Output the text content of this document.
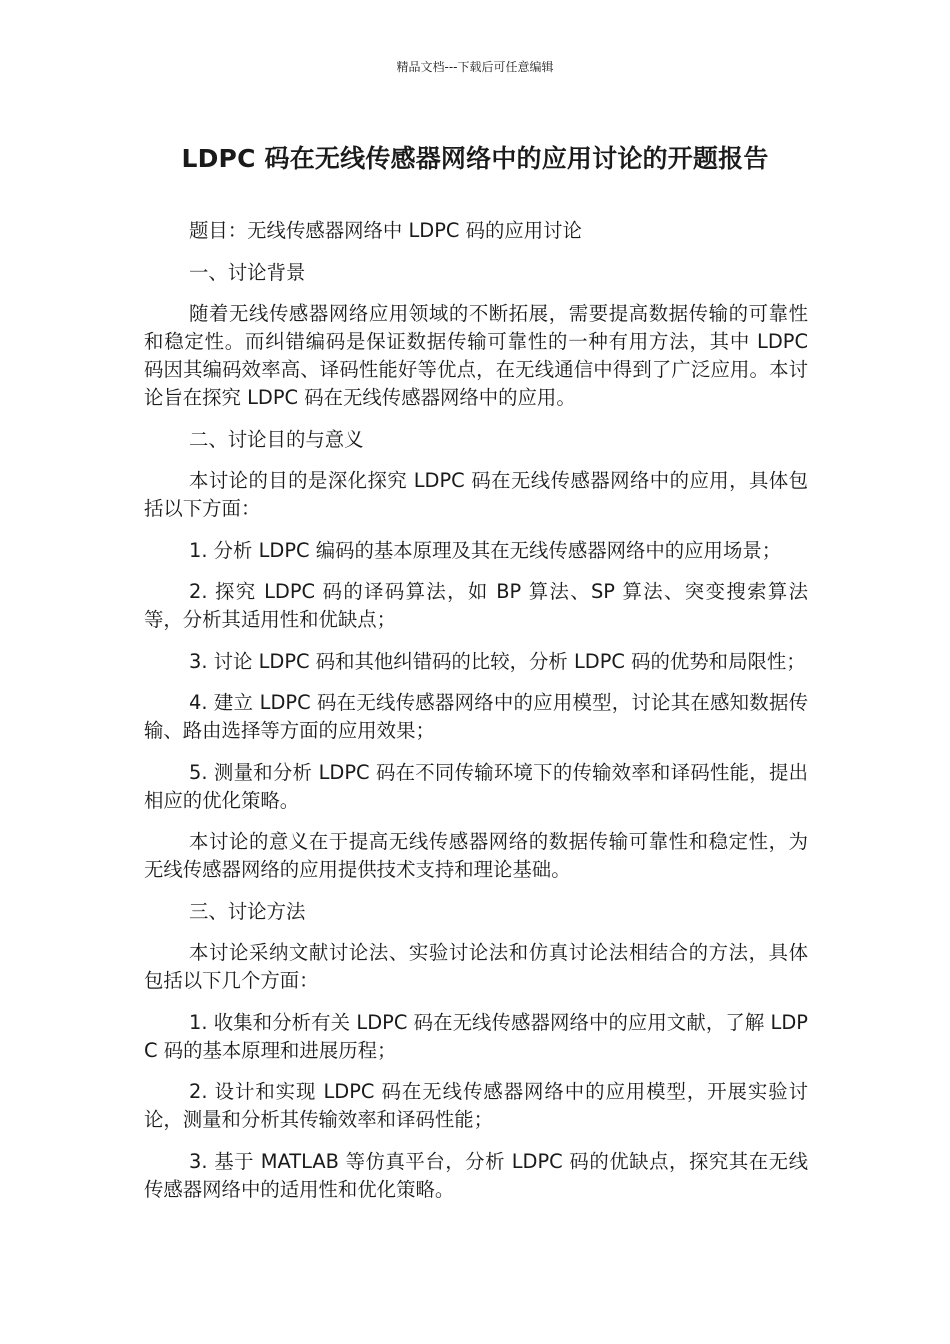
精品文档---下载后可任意编辑
LDPC 码在无线传感器网络中的应用讨论的开题报告

题目：无线传感器网络中 LDPC 码的应用讨论

一、讨论背景

随着无线传感器网络应用领域的不断拓展，需要提高数据传输的可靠性和稳定性。而纠错编码是保证数据传输可靠性的一种有用方法，其中 LDPC 码因其编码效率高、译码性能好等优点，在无线通信中得到了广泛应用。本讨论旨在探究 LDPC 码在无线传感器网络中的应用。

二、讨论目的与意义

本讨论的目的是深化探究 LDPC 码在无线传感器网络中的应用，具体包括以下方面：

1. 分析 LDPC 编码的基本原理及其在无线传感器网络中的应用场景；

2. 探究 LDPC 码的译码算法，如 BP 算法、SP 算法、突变搜索算法等，分析其适用性和优缺点；

3. 讨论 LDPC 码和其他纠错码的比较，分析 LDPC 码的优势和局限性；

4. 建立 LDPC 码在无线传感器网络中的应用模型，讨论其在感知数据传输、路由选择等方面的应用效果；

5. 测量和分析 LDPC 码在不同传输环境下的传输效率和译码性能，提出相应的优化策略。

本讨论的意义在于提高无线传感器网络的数据传输可靠性和稳定性，为无线传感器网络的应用提供技术支持和理论基础。

三、讨论方法

本讨论采纳文献讨论法、实验讨论法和仿真讨论法相结合的方法，具体包括以下几个方面：

1. 收集和分析有关 LDPC 码在无线传感器网络中的应用文献，了解 LDPC 码的基本原理和进展历程；

2. 设计和实现 LDPC 码在无线传感器网络中的应用模型，开展实验讨论，测量和分析其传输效率和译码性能；

3. 基于 MATLAB 等仿真平台，分析 LDPC 码的优缺点，探究其在无线传感器网络中的适用性和优化策略。
